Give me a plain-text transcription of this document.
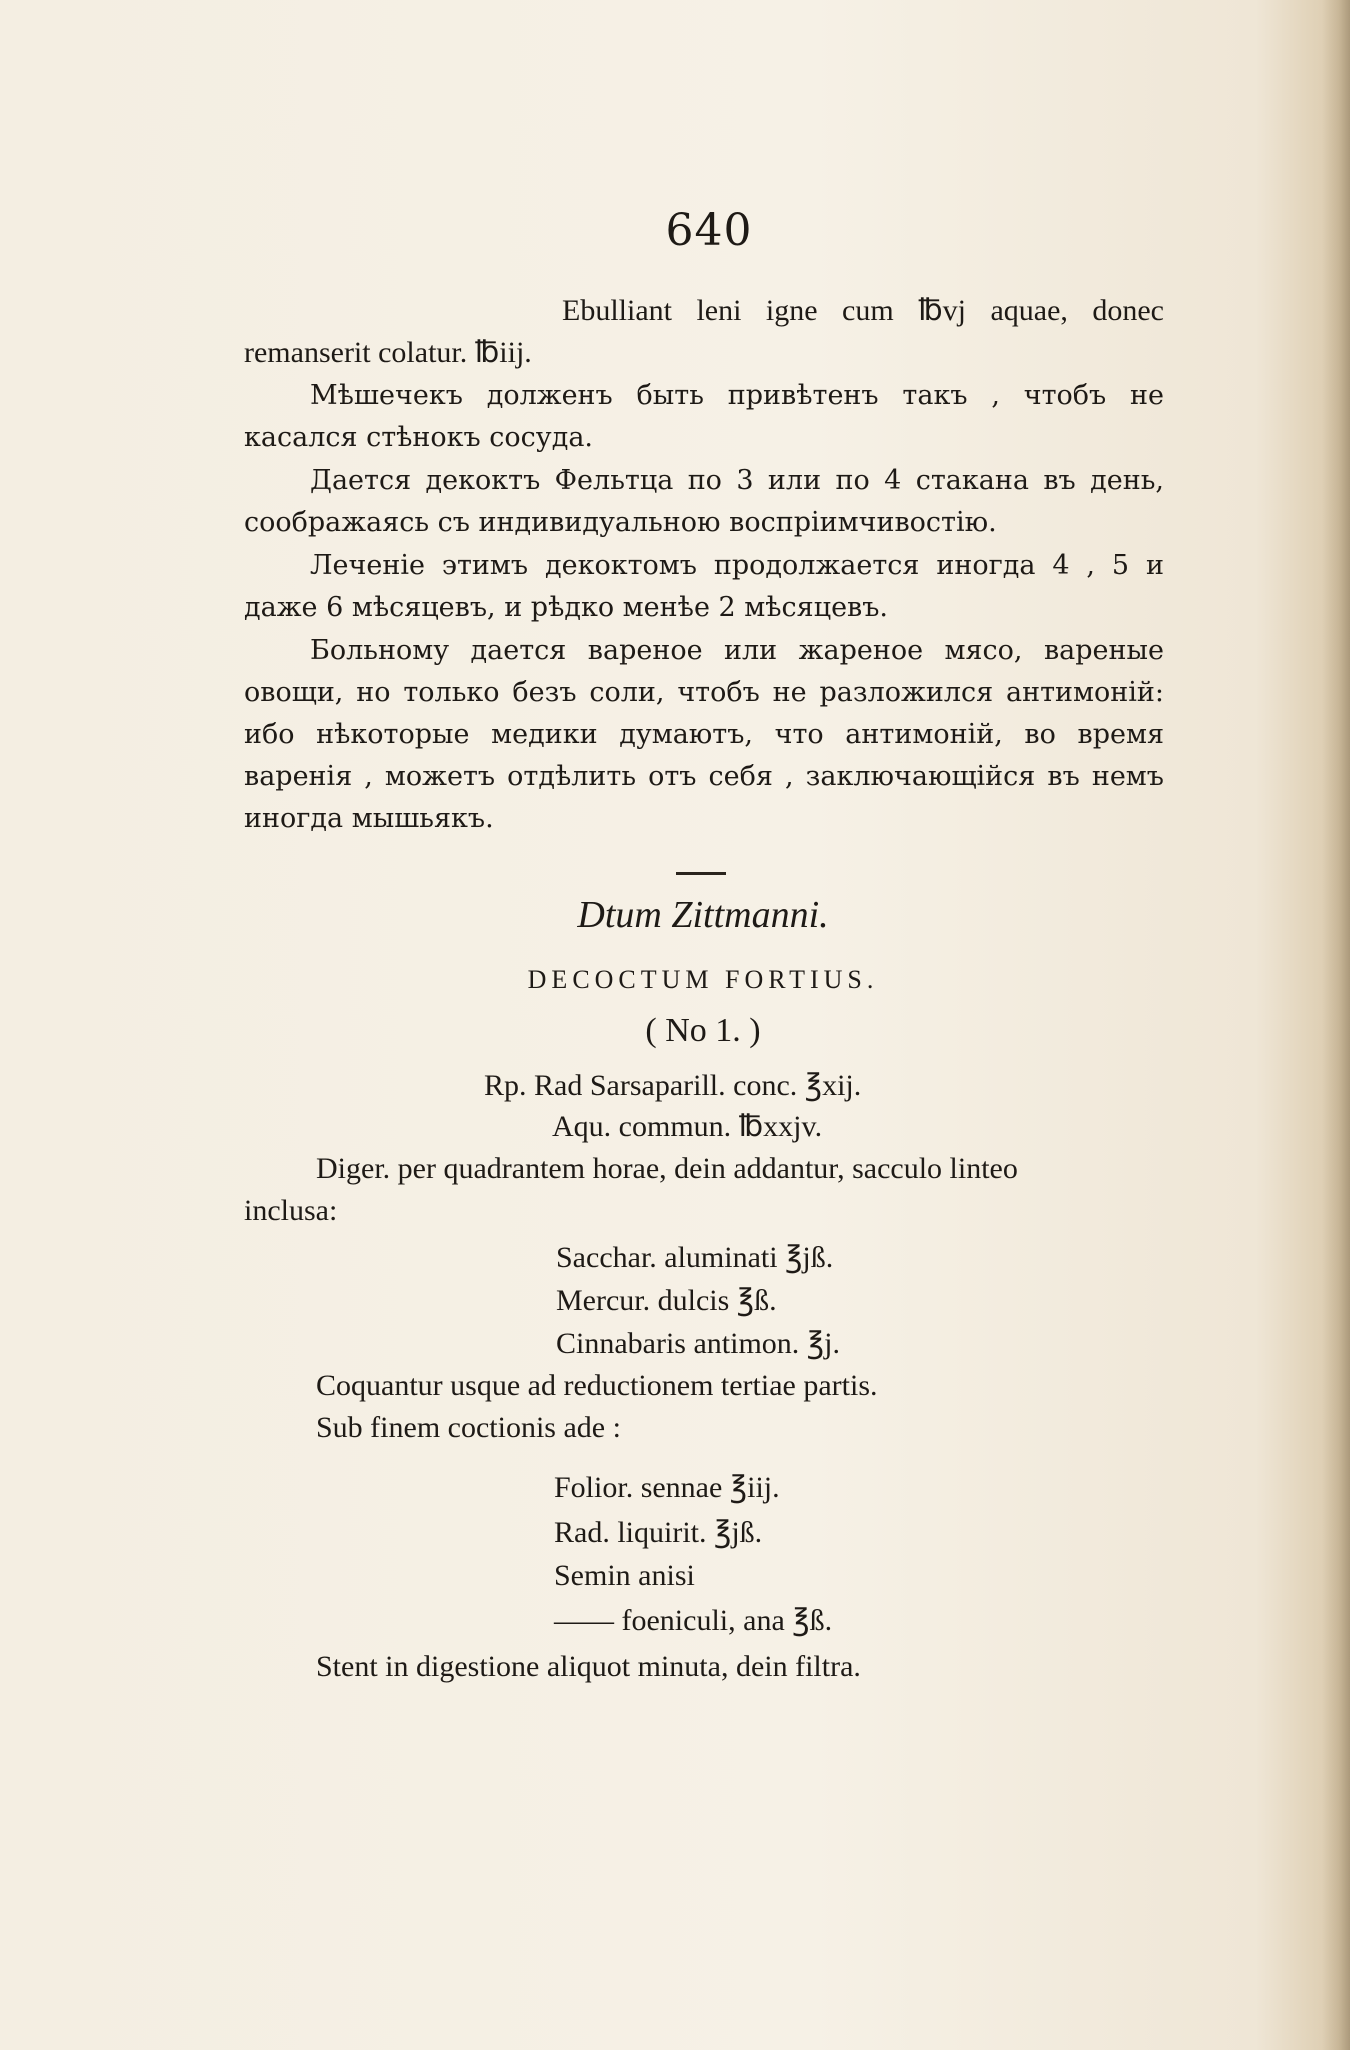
640

Ebulliant leni igne cum ℔vj aquae, donec remanserit colatur. ℔iij.

Мѣшечекъ долженъ быть привѣтенъ такъ , чтобъ не касался стѣнокъ сосуда.

Дается декоктъ Фельтца по 3 или по 4 стакана въ день, соображаясь съ индивидуальною воспріимчивостію.

Леченіе этимъ декоктомъ продолжается иногда 4 , 5 и даже 6 мѣсяцевъ, и рѣдко менѣе 2 мѣсяцевъ.

Больному дается вареное или жареное мясо, вареные овощи, но только безъ соли, чтобъ не разложился антимоній: ибо нѣкоторые медики думаютъ, что антимоній, во время варенія , можетъ отдѣлить отъ себя , заключающійся въ немъ иногда мышьякъ.

Dtum Zittmanni.
DECOCTUM FORTIUS.
( No 1. )
Rp. Rad Sarsaparill. conc. ℥xij.
Aqu. commun. ℔xxjv.
Diger. per quadrantem horae, dein addantur, sacculo linteo
inclusa:
Sacchar. aluminati ℥jß.
Mercur. dulcis ℥ß.
Cinnabaris antimon. ℥j.
Coquantur usque ad reductionem tertiae partis.
Sub finem coctionis ade :
Folior. sennae ℥iij.
Rad. liquirit. ℥jß.
Semin anisi
—— foeniculi, ana ℥ß.
Stent in digestione aliquot minuta, dein filtra.
